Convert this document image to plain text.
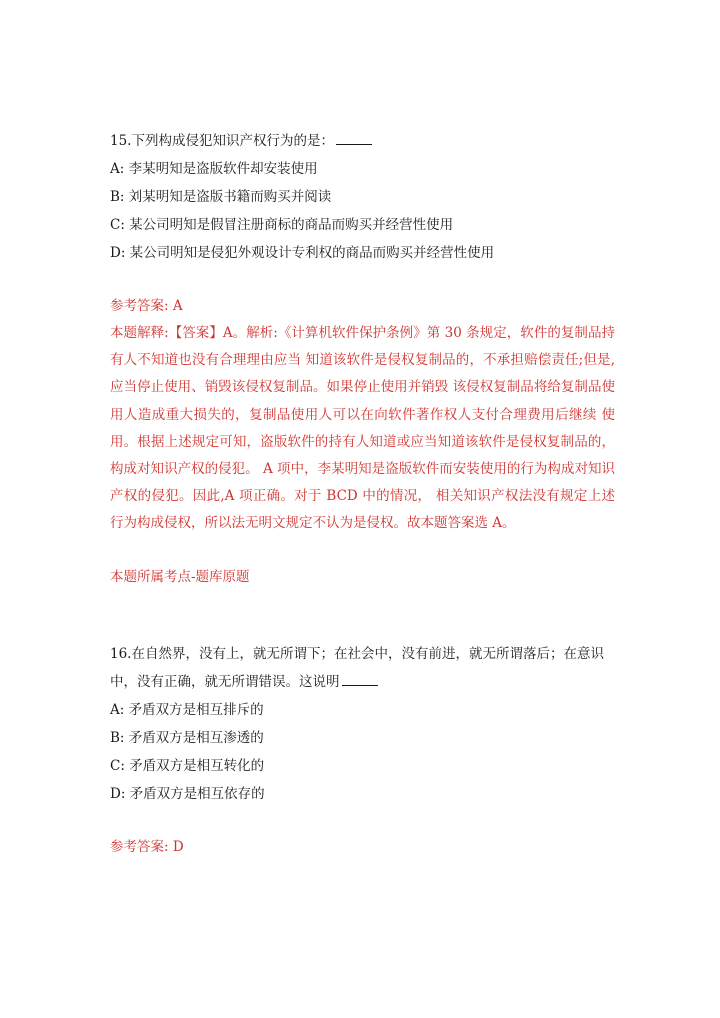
15.下列构成侵犯知识产权行为的是：
A: 李某明知是盗版软件却安装使用
B: 刘某明知是盗版书籍而购买并阅读
C: 某公司明知是假冒注册商标的商品而购买并经营性使用
D: 某公司明知是侵犯外观设计专利权的商品而购买并经营性使用
参考答案: A
本题解释:【答案】A。解析:《计算机软件保护条例》第 30 条规定，软件的复制品持有人不知道也没有合理理由应当 知道该软件是侵权复制品的，不承担赔偿责任;但是,应当停止使用、销毁该侵权复制品。如果停止使用并销毁 该侵权复制品将给复制品使用人造成重大损失的，复制品使用人可以在向软件著作权人支付合理费用后继续 使用。根据上述规定可知，盗版软件的持有人知道或应当知道该软件是侵权复制品的，构成对知识产权的侵犯。 A 项中，李某明知是盗版软件而安装使用的行为构成对知识产权的侵犯。因此,A 项正确。对于 BCD 中的情况， 相关知识产权法没有规定上述行为构成侵权，所以法无明文规定不认为是侵权。故本题答案选 A。
本题所属考点-题库原题
16.在自然界，没有上，就无所谓下；在社会中，没有前进，就无所谓落后；在意识中，没有正确，就无所谓错误。这说明
A: 矛盾双方是相互排斥的
B: 矛盾双方是相互渗透的
C: 矛盾双方是相互转化的
D: 矛盾双方是相互依存的
参考答案: D
